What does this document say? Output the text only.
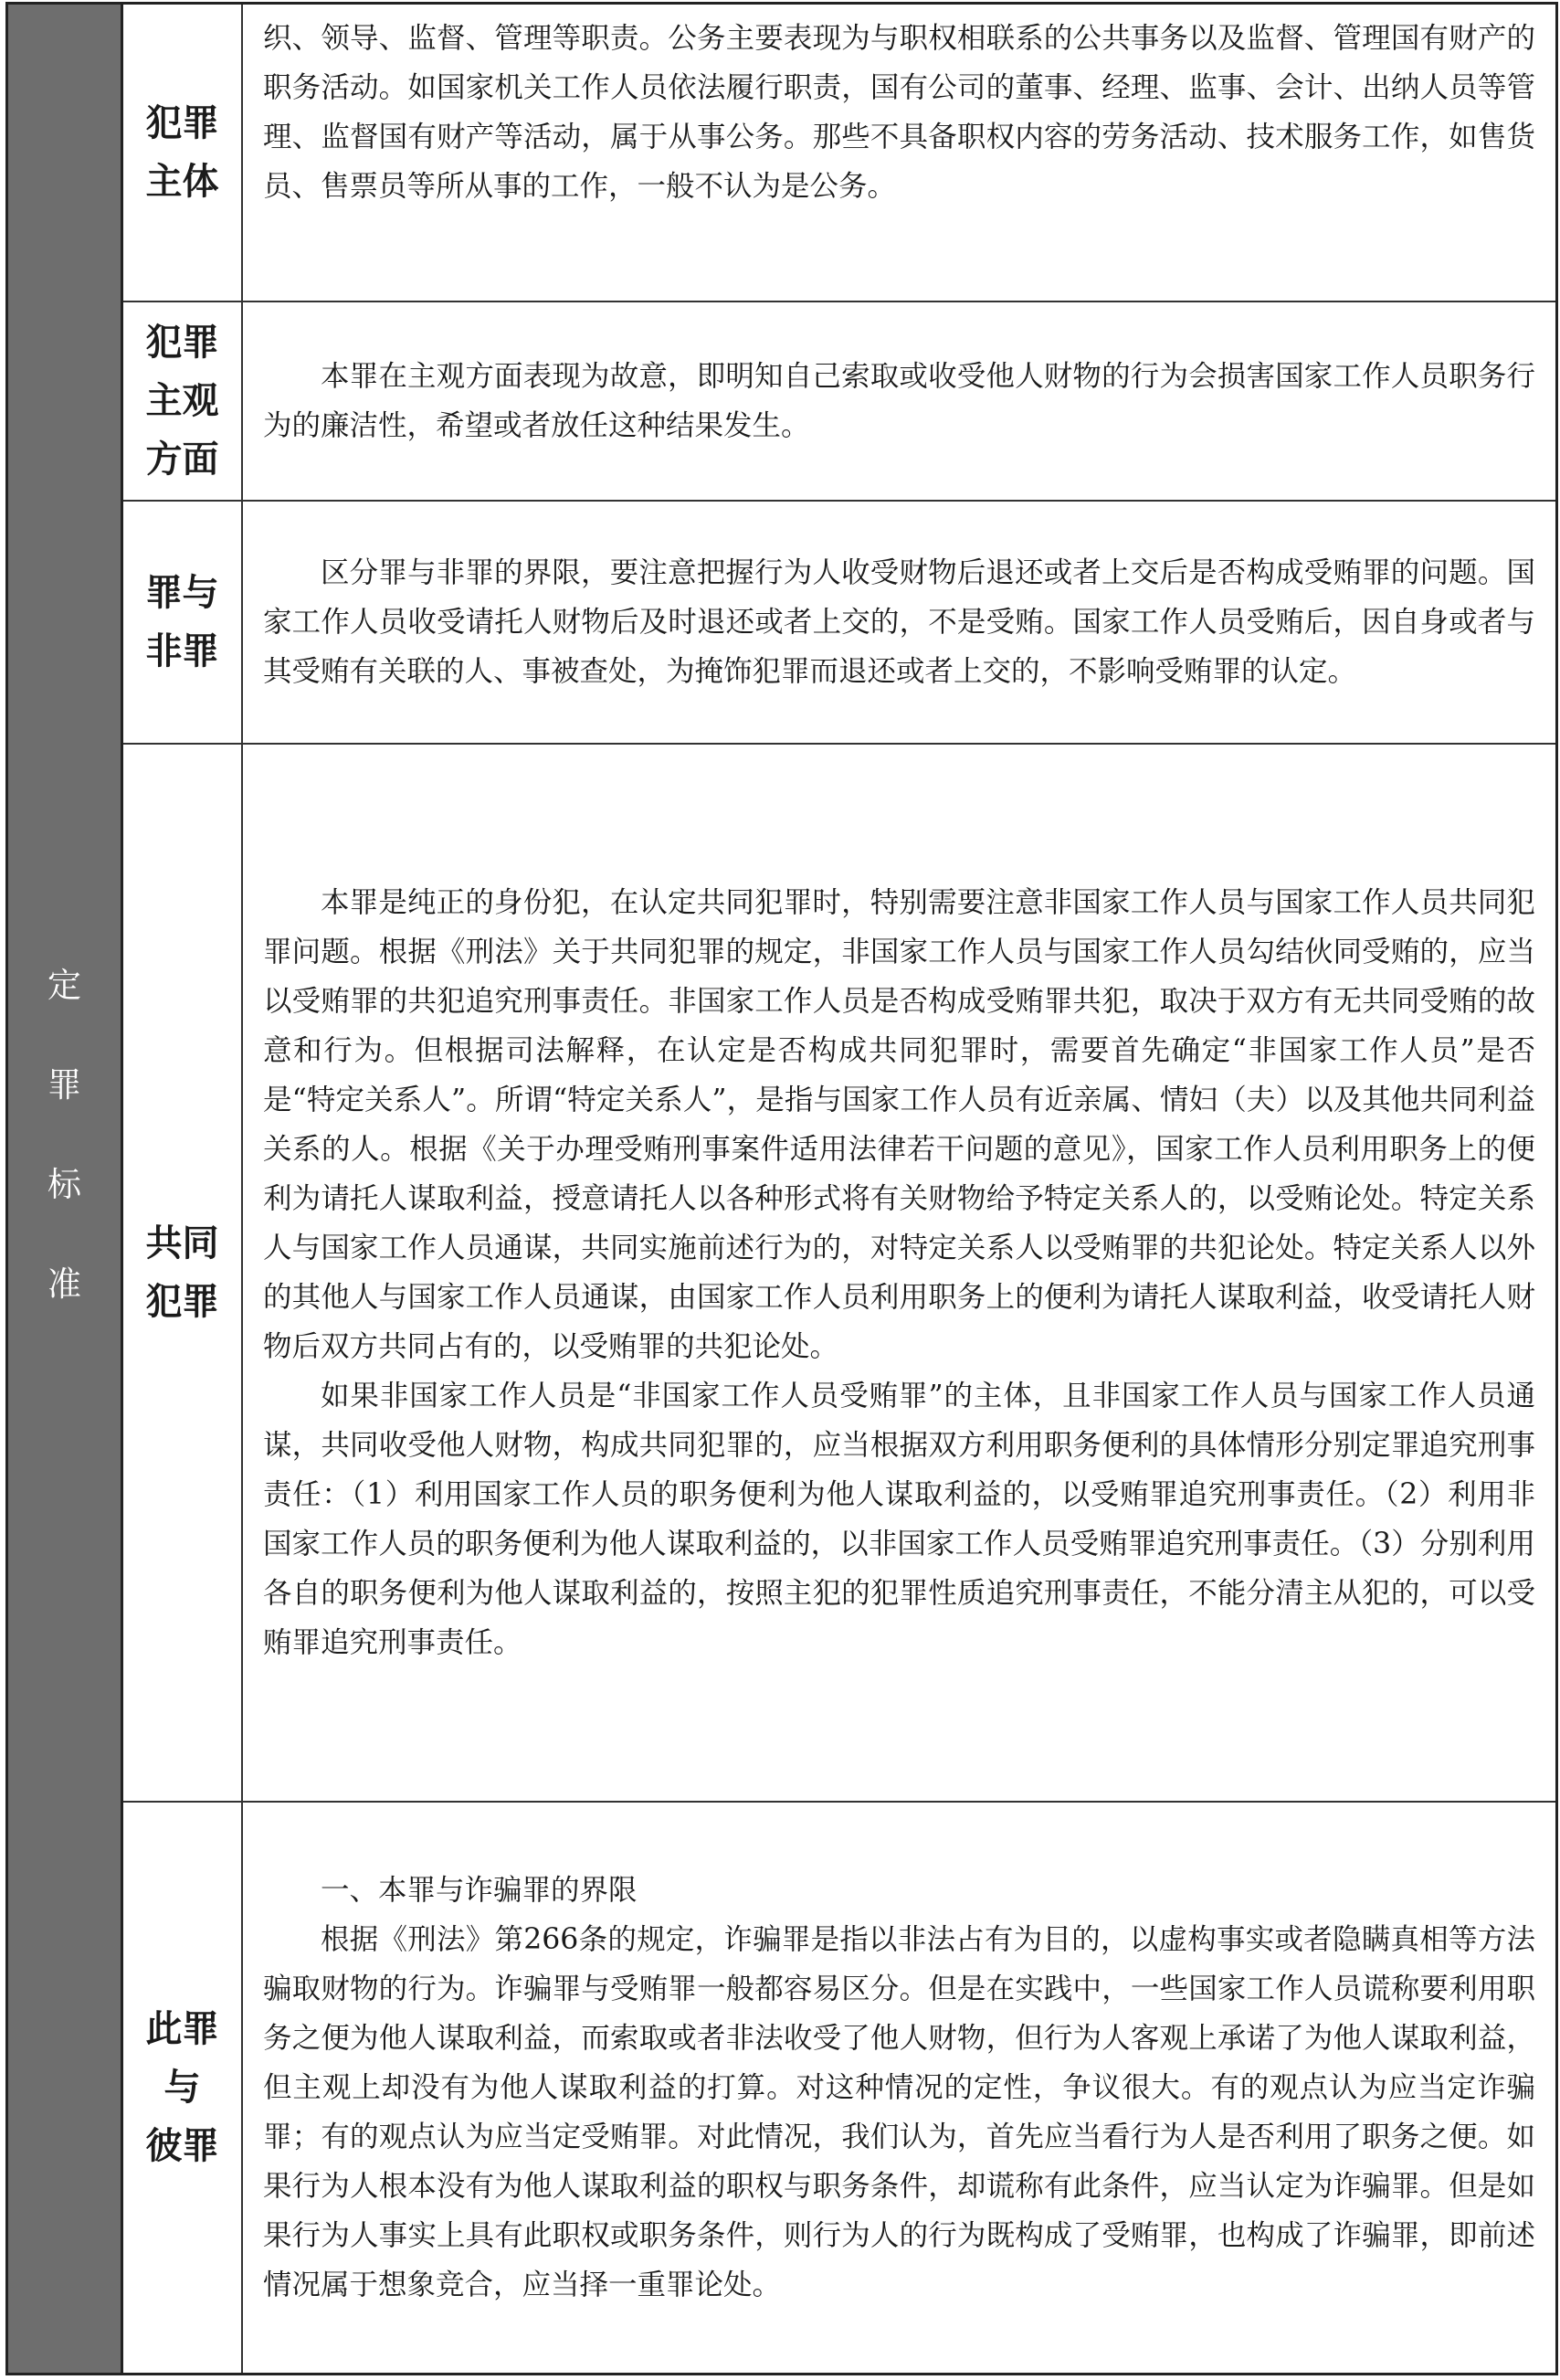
定
罪
标
准
犯罪
主体

织、领导、监督、管理等职责。公务主要表现为与职权相联系的公共事务以及监督、管理国有财产的职务活动。如国家机关工作人员依法履行职责，国有公司的董事、经理、监事、会计、出纳人员等管理、监督国有财产等活动，属于从事公务。那些不具备职权内容的劳务活动、技术服务工作，如售货员、售票员等所从事的工作，一般不认为是公务。

犯罪
主观
方面

本罪在主观方面表现为故意，即明知自己索取或收受他人财物的行为会损害国家工作人员职务行为的廉洁性，希望或者放任这种结果发生。

罪与
非罪

区分罪与非罪的界限，要注意把握行为人收受财物后退还或者上交后是否构成受贿罪的问题。国家工作人员收受请托人财物后及时退还或者上交的，不是受贿。国家工作人员受贿后，因自身或者与其受贿有关联的人、事被查处，为掩饰犯罪而退还或者上交的，不影响受贿罪的认定。

共同
犯罪

本罪是纯正的身份犯，在认定共同犯罪时，特别需要注意非国家工作人员与国家工作人员共同犯罪问题。根据《刑法》关于共同犯罪的规定，非国家工作人员与国家工作人员勾结伙同受贿的，应当以受贿罪的共犯追究刑事责任。非国家工作人员是否构成受贿罪共犯，取决于双方有无共同受贿的故意和行为。但根据司法解释，在认定是否构成共同犯罪时，需要首先确定“非国家工作人员”是否是“特定关系人”。所谓“特定关系人”，是指与国家工作人员有近亲属、情妇（夫）以及其他共同利益关系的人。根据《关于办理受贿刑事案件适用法律若干问题的意见》，国家工作人员利用职务上的便利为请托人谋取利益，授意请托人以各种形式将有关财物给予特定关系人的，以受贿论处。特定关系人与国家工作人员通谋，共同实施前述行为的，对特定关系人以受贿罪的共犯论处。特定关系人以外的其他人与国家工作人员通谋，由国家工作人员利用职务上的便利为请托人谋取利益，收受请托人财物后双方共同占有的，以受贿罪的共犯论处。

如果非国家工作人员是“非国家工作人员受贿罪”的主体，且非国家工作人员与国家工作人员通谋，共同收受他人财物，构成共同犯罪的，应当根据双方利用职务便利的具体情形分别定罪追究刑事责任：（1）利用国家工作人员的职务便利为他人谋取利益的，以受贿罪追究刑事责任。（2）利用非国家工作人员的职务便利为他人谋取利益的，以非国家工作人员受贿罪追究刑事责任。（3）分别利用各自的职务便利为他人谋取利益的，按照主犯的犯罪性质追究刑事责任，不能分清主从犯的，可以受贿罪追究刑事责任。

此罪
与
彼罪

一、本罪与诈骗罪的界限

根据《刑法》第266条的规定，诈骗罪是指以非法占有为目的，以虚构事实或者隐瞒真相等方法骗取财物的行为。诈骗罪与受贿罪一般都容易区分。但是在实践中，一些国家工作人员谎称要利用职务之便为他人谋取利益，而索取或者非法收受了他人财物，但行为人客观上承诺了为他人谋取利益，但主观上却没有为他人谋取利益的打算。对这种情况的定性，争议很大。有的观点认为应当定诈骗罪；有的观点认为应当定受贿罪。对此情况，我们认为，首先应当看行为人是否利用了职务之便。如果行为人根本没有为他人谋取利益的职权与职务条件，却谎称有此条件，应当认定为诈骗罪。但是如果行为人事实上具有此职权或职务条件，则行为人的行为既构成了受贿罪，也构成了诈骗罪，即前述情况属于想象竞合，应当择一重罪论处。
